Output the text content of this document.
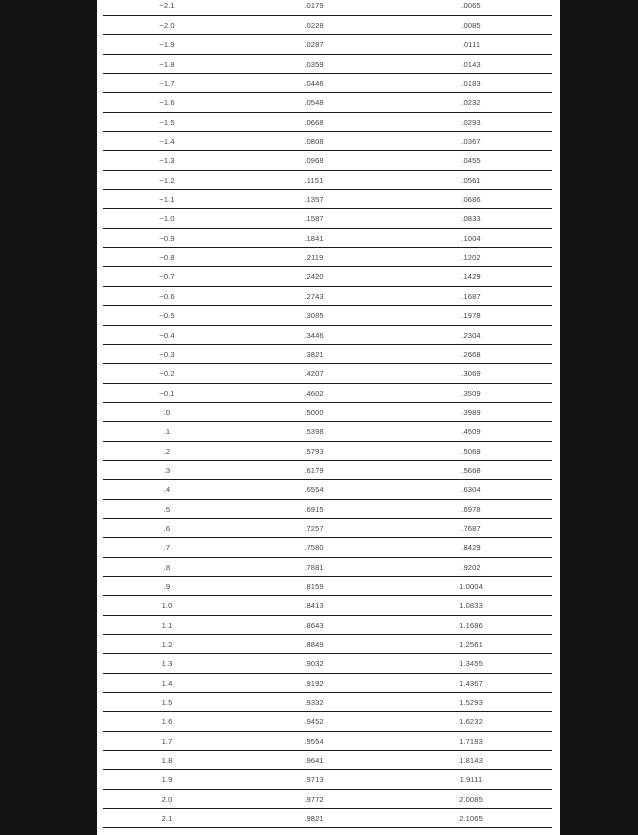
−2.1	.0179	.0065
−2.0	.0228	.0085
−1.9	.0287	.0111
−1.8	.0359	.0143
−1.7	.0446	.0183
−1.6	.0548	.0232
−1.5	.0668	.0293
−1.4	.0808	.0367
−1.3	.0968	.0455
−1.2	.1151	.0561
−1.1	.1357	.0686
−1.0	.1587	.0833
−0.9	.1841	.1004
−0.8	.2119	.1202
−0.7	.2420	.1429
−0.6	.2743	.1687
−0.5	.3085	.1978
−0.4	.3446	.2304
−0.3	.3821	.2668
−0.2	.4207	.3069
−0.1	.4602	.3509
.0	.5000	.3989
.1	.5398	.4509
.2	.5793	.5069
.3	.6179	.5668
.4	.6554	.6304
.5	.6915	.6978
.6	.7257	.7687
.7	.7580	.8429
.8	.7881	.9202
.9	.8159	1.0004
1.0	.8413	1.0833
1.1	.8643	1.1686
1.2	.8849	1.2561
1.3	.9032	1.3455
1.4	.9192	1.4367
1.5	.9332	1.5293
1.6	.9452	1.6232
1.7	.9554	1.7183
1.8	.9641	1.8143
1.9	.9713	1.9111
2.0	.9772	2.0085
2.1	.9821	2.1065
